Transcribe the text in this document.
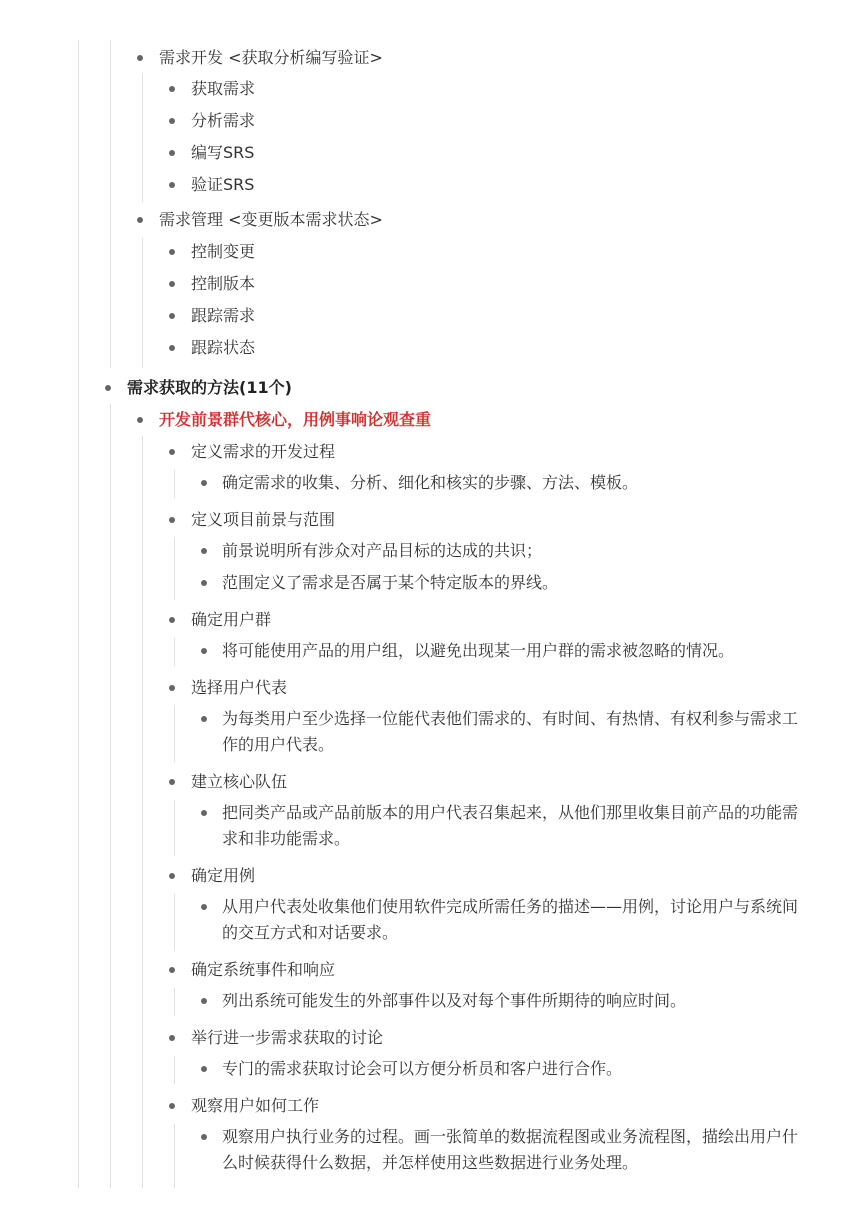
需求开发 <获取分析编写验证>
获取需求
分析需求
编写SRS
验证SRS
需求管理 <变更版本需求状态>
控制变更
控制版本
跟踪需求
跟踪状态
需求获取的方法(11个)
开发前景群代核心，用例事响论观查重
定义需求的开发过程
确定需求的收集、分析、细化和核实的步骤、方法、模板。
定义项目前景与范围
前景说明所有涉众对产品目标的达成的共识；
范围定义了需求是否属于某个特定版本的界线。
确定用户群
将可能使用产品的用户组，以避免出现某一用户群的需求被忽略的情况。
选择用户代表
为每类用户至少选择一位能代表他们需求的、有时间、有热情、有权利参与需求工作的用户代表。
建立核心队伍
把同类产品或产品前版本的用户代表召集起来，从他们那里收集目前产品的功能需求和非功能需求。
确定用例
从用户代表处收集他们使用软件完成所需任务的描述——用例，讨论用户与系统间的交互方式和对话要求。
确定系统事件和响应
列出系统可能发生的外部事件以及对每个事件所期待的响应时间。
举行进一步需求获取的讨论
专门的需求获取讨论会可以方便分析员和客户进行合作。
观察用户如何工作
观察用户执行业务的过程。画一张简单的数据流程图或业务流程图，描绘出用户什么时候获得什么数据，并怎样使用这些数据进行业务处理。
